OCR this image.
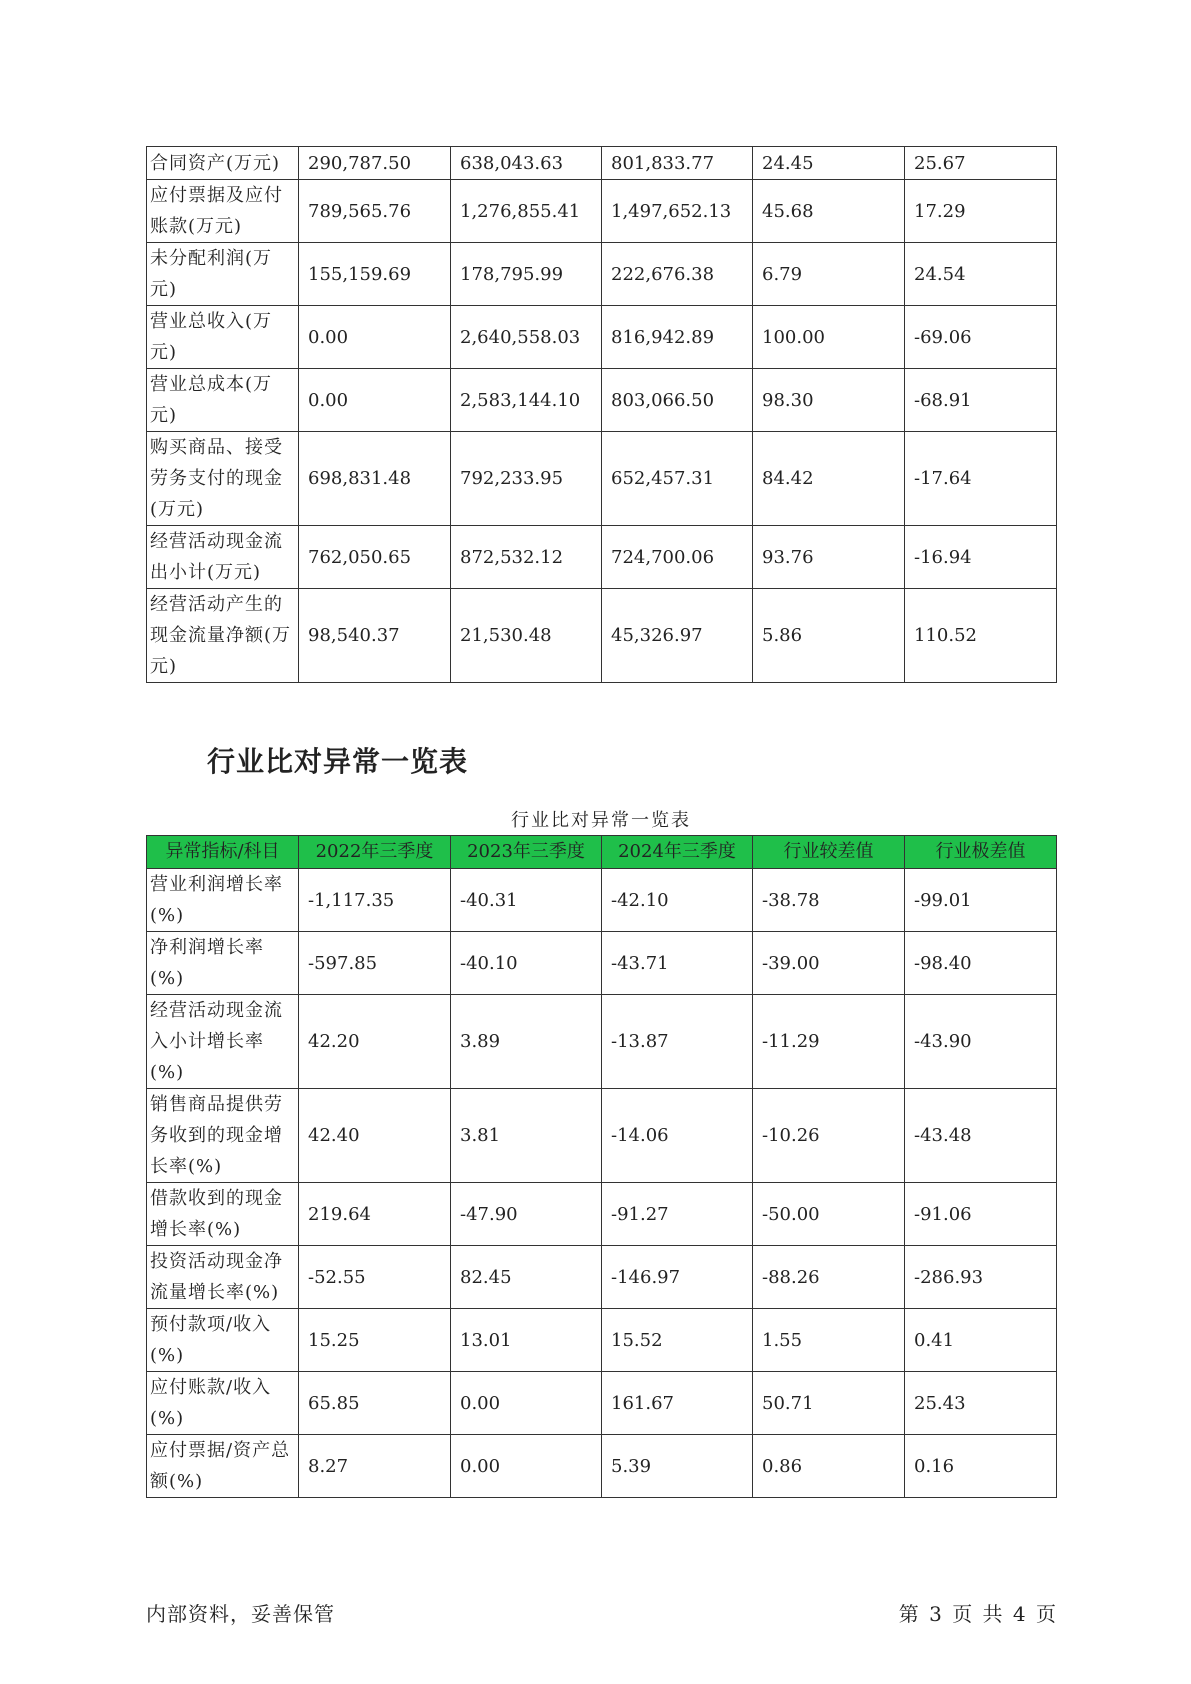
合同资产(万元)	290,787.50	638,043.63	801,833.77	24.45	25.67
应付票据及应付账款(万元)	789,565.76	1,276,855.41	1,497,652.13	45.68	17.29
未分配利润(万元)	155,159.69	178,795.99	222,676.38	6.79	24.54
营业总收入(万元)	0.00	2,640,558.03	816,942.89	100.00	-69.06
营业总成本(万元)	0.00	2,583,144.10	803,066.50	98.30	-68.91
购买商品、接受劳务支付的现金(万元)	698,831.48	792,233.95	652,457.31	84.42	-17.64
经营活动现金流出小计(万元)	762,050.65	872,532.12	724,700.06	93.76	-16.94
经营活动产生的现金流量净额(万元)	98,540.37	21,530.48	45,326.97	5.86	110.52
行业比对异常一览表
行业比对异常一览表
异常指标/科目	2022年三季度	2023年三季度	2024年三季度	行业较差值	行业极差值
营业利润增长率(%)	-1,117.35	-40.31	-42.10	-38.78	-99.01
净利润增长率(%)	-597.85	-40.10	-43.71	-39.00	-98.40
经营活动现金流入小计增长率(%)	42.20	3.89	-13.87	-11.29	-43.90
销售商品提供劳务收到的现金增长率(%)	42.40	3.81	-14.06	-10.26	-43.48
借款收到的现金增长率(%)	219.64	-47.90	-91.27	-50.00	-91.06
投资活动现金净流量增长率(%)	-52.55	82.45	-146.97	-88.26	-286.93
预付款项/收入(%)	15.25	13.01	15.52	1.55	0.41
应付账款/收入(%)	65.85	0.00	161.67	50.71	25.43
应付票据/资产总额(%)	8.27	0.00	5.39	0.86	0.16
内部资料，妥善保管	第 3 页 共 4 页
